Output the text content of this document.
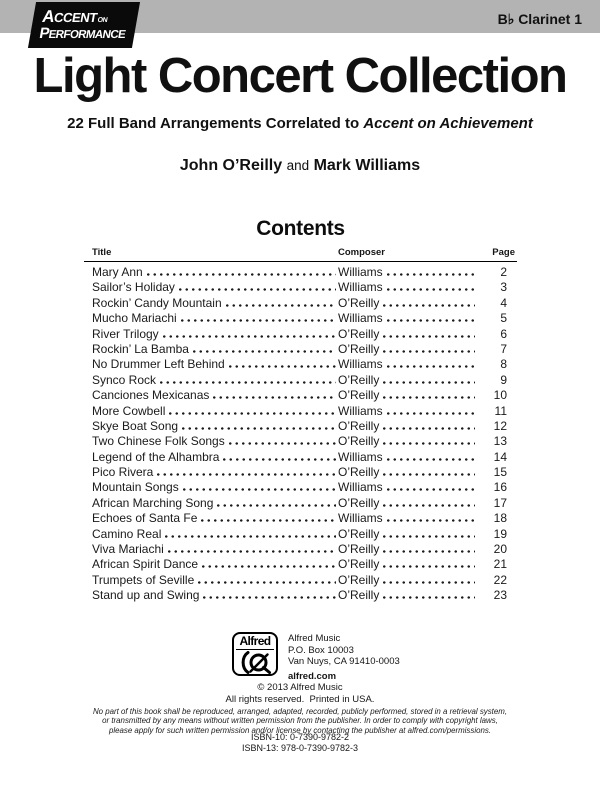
ACCENTON
PERFORMANCE
B♭ Clarinet 1
Light Concert Collection
22 Full Band Arrangements Correlated to Accent on Achievement
John O’Reilly and Mark Williams
Contents
Title	Composer	Page
Mary Ann	Williams	2
Sailor’s Holiday	Williams	3
Rockin’ Candy Mountain	O’Reilly	4
Mucho Mariachi	Williams	5
River Trilogy	O’Reilly	6
Rockin’ La Bamba	O’Reilly	7
No Drummer Left Behind	Williams	8
Synco Rock	O’Reilly	9
Canciones Mexicanas	O’Reilly	10
More Cowbell	Williams	11
Skye Boat Song	O’Reilly	12
Two Chinese Folk Songs	O’Reilly	13
Legend of the Alhambra	Williams	14
Pico Rivera	O’Reilly	15
Mountain Songs	Williams	16
African Marching Song	O’Reilly	17
Echoes of Santa Fe	Williams	18
Camino Real	O’Reilly	19
Viva Mariachi	O’Reilly	20
African Spirit Dance	O’Reilly	21
Trumpets of Seville	O’Reilly	22
Stand up and Swing	O’Reilly	23
Alfred	Alfred Music
P.O. Box 10003
Van Nuys, CA 91410-0003
alfred.com
© 2013 Alfred Music
All rights reserved.  Printed in USA.
No part of this book shall be reproduced, arranged, adapted, recorded, publicly performed, stored in a retrieval system,
or transmitted by any means without written permission from the publisher. In order to comply with copyright laws,
please apply for such written permission and/or license by contacting the publisher at alfred.com/permissions.
ISBN-10: 0-7390-9782-2
ISBN-13: 978-0-7390-9782-3
